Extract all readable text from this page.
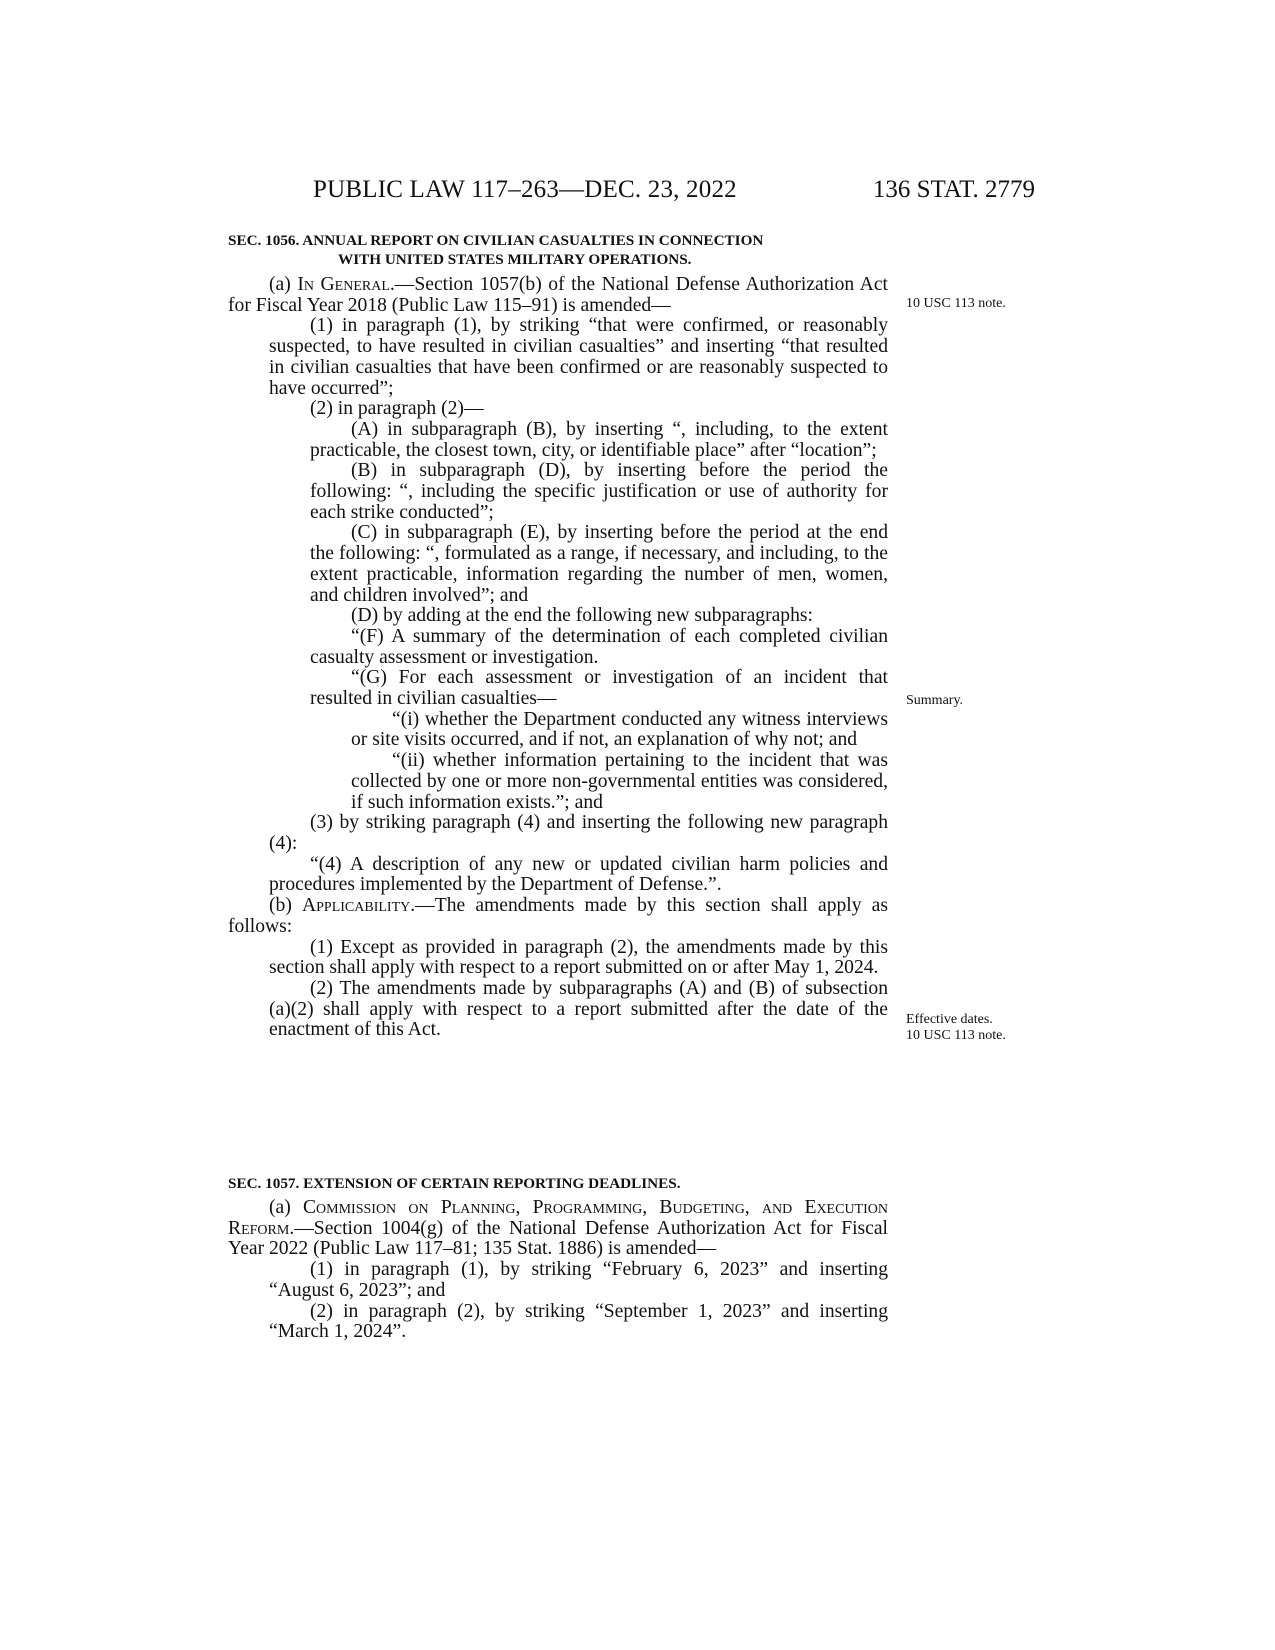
PUBLIC LAW 117–263—DEC. 23, 2022	136 STAT. 2779
SEC. 1056. ANNUAL REPORT ON CIVILIAN CASUALTIES IN CONNECTION
WITH UNITED STATES MILITARY OPERATIONS.

(a) In General.—Section 1057(b) of the National Defense Authorization Act for Fiscal Year 2018 (Public Law 115–91) is amended—

(1) in paragraph (1), by striking “that were confirmed, or reasonably suspected, to have resulted in civilian casualties” and inserting “that resulted in civilian casualties that have been confirmed or are reasonably suspected to have occurred”;

(2) in paragraph (2)—

(A) in subparagraph (B), by inserting “, including, to the extent practicable, the closest town, city, or identifiable place” after “location”;

(B) in subparagraph (D), by inserting before the period the following: “, including the specific justification or use of authority for each strike conducted”;

(C) in subparagraph (E), by inserting before the period at the end the following: “, formulated as a range, if necessary, and including, to the extent practicable, information regarding the number of men, women, and children involved”; and

(D) by adding at the end the following new subparagraphs:

“(F) A summary of the determination of each completed civilian casualty assessment or investigation.

“(G) For each assessment or investigation of an incident that resulted in civilian casualties—

“(i) whether the Department conducted any witness interviews or site visits occurred, and if not, an explanation of why not; and

“(ii) whether information pertaining to the incident that was collected by one or more non-governmental entities was considered, if such information exists.”; and

(3) by striking paragraph (4) and inserting the following new paragraph (4):

“(4) A description of any new or updated civilian harm policies and procedures implemented by the Department of Defense.”.

(b) Applicability.—The amendments made by this section shall apply as follows:

(1) Except as provided in paragraph (2), the amendments made by this section shall apply with respect to a report submitted on or after May 1, 2024.

(2) The amendments made by subparagraphs (A) and (B) of subsection (a)(2) shall apply with respect to a report submitted after the date of the enactment of this Act.

SEC. 1057. EXTENSION OF CERTAIN REPORTING DEADLINES.

(a) Commission on Planning, Programming, Budgeting, and Execution Reform.—Section 1004(g) of the National Defense Authorization Act for Fiscal Year 2022 (Public Law 117–81; 135 Stat. 1886) is amended—

(1) in paragraph (1), by striking “February 6, 2023” and inserting “August 6, 2023”; and

(2) in paragraph (2), by striking “September 1, 2023” and inserting “March 1, 2024”.

10 USC 113 note.
Summary.
Effective dates.
10 USC 113 note.
